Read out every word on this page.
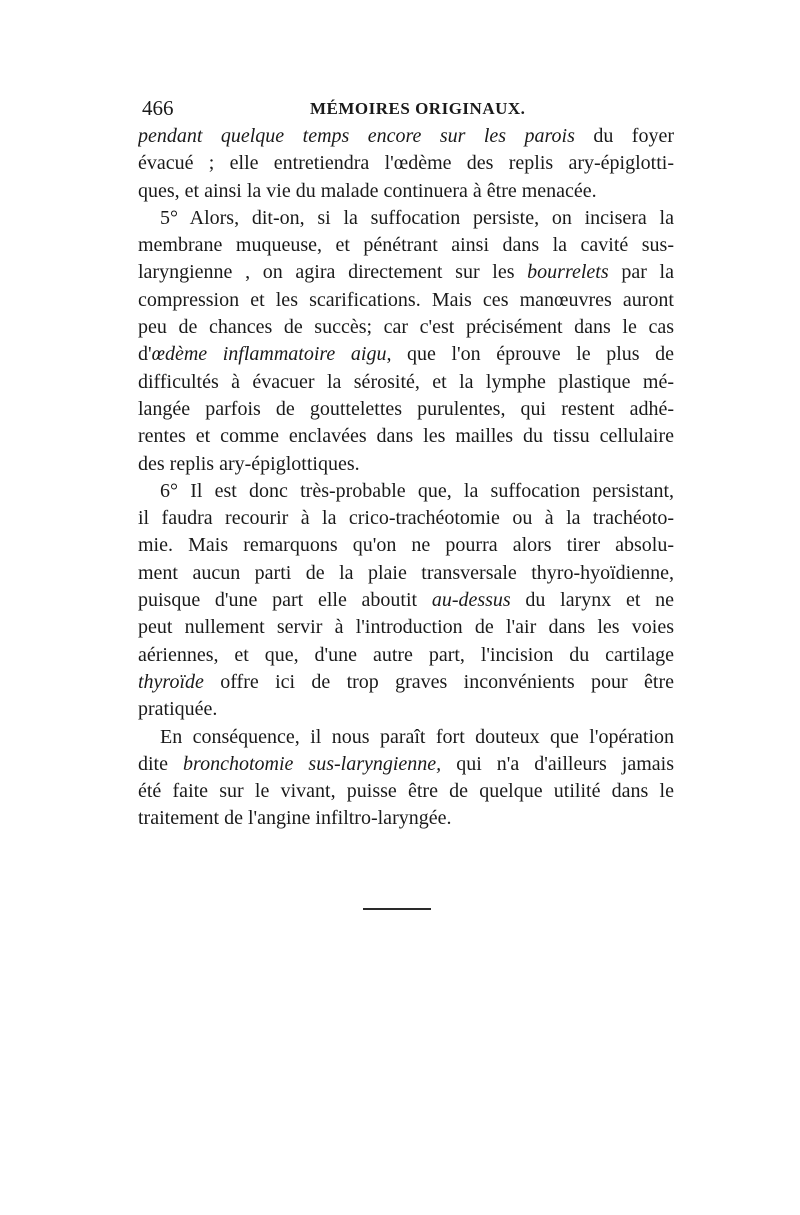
466	MÉMOIRES ORIGINAUX.
pendant quelque temps encore sur les parois du foyer
évacué ; elle entretiendra l'œdème des replis ary-épiglotti-
ques, et ainsi la vie du malade continuera à être menacée.
5° Alors, dit-on, si la suffocation persiste, on incisera la
membrane muqueuse, et pénétrant ainsi dans la cavité sus-
laryngienne , on agira directement sur les bourrelets par la
compression et les scarifications. Mais ces manœuvres auront
peu de chances de succès; car c'est précisément dans le cas
d'œdème inflammatoire aigu, que l'on éprouve le plus de
difficultés à évacuer la sérosité, et la lymphe plastique mé-
langée parfois de gouttelettes purulentes, qui restent adhé-
rentes et comme enclavées dans les mailles du tissu cellulaire
des replis ary-épiglottiques.
6° Il est donc très-probable que, la suffocation persistant,
il faudra recourir à la crico-trachéotomie ou à la trachéoto-
mie. Mais remarquons qu'on ne pourra alors tirer absolu-
ment aucun parti de la plaie transversale thyro-hyoïdienne,
puisque d'une part elle aboutit au-dessus du larynx et ne
peut nullement servir à l'introduction de l'air dans les voies
aériennes, et que, d'une autre part, l'incision du cartilage
thyroïde offre ici de trop graves inconvénients pour être
pratiquée.
En conséquence, il nous paraît fort douteux que l'opération
dite bronchotomie sus-laryngienne, qui n'a d'ailleurs jamais
été faite sur le vivant, puisse être de quelque utilité dans le
traitement de l'angine infiltro-laryngée.
